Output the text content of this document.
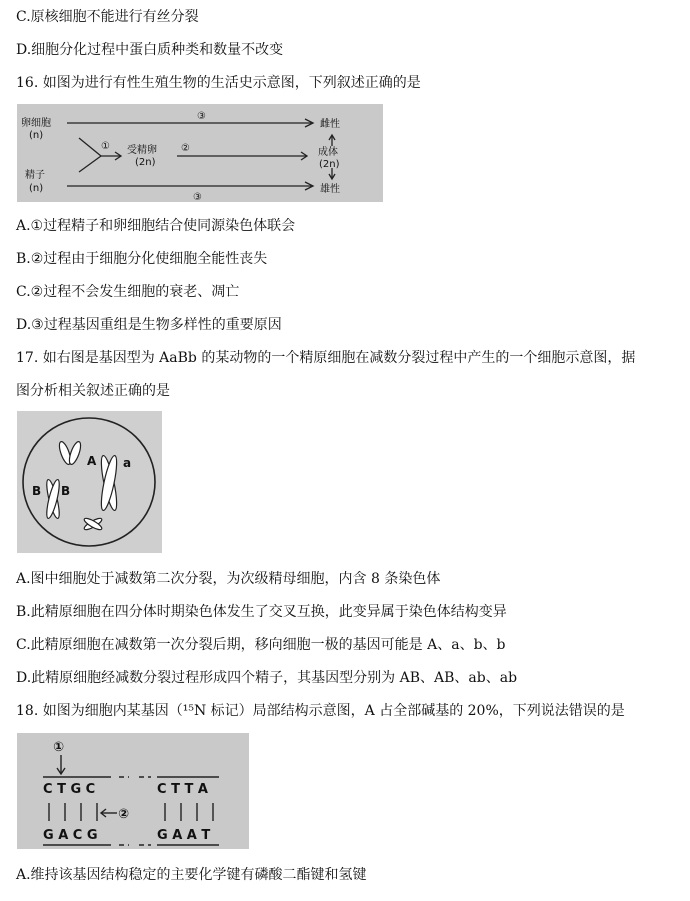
C.原核细胞不能进行有丝分裂
D.细胞分化过程中蛋白质种类和数量不改变
16. 如图为进行有性生殖生物的生活史示意图，下列叙述正确的是
卵细胞
(n)
精子
(n)
① 受精卵
(2n)
②
③
③
雌性
成体
(2n)
雄性
A.①过程精子和卵细胞结合使同源染色体联会
B.②过程由于细胞分化使细胞全能性丧失
C.②过程不会发生细胞的衰老、凋亡
D.③过程基因重组是生物多样性的重要原因
17. 如右图是基因型为 AaBb 的某动物的一个精原细胞在减数分裂过程中产生的一个细胞示意图，据
图分析相关叙述正确的是
A a
B B
A.图中细胞处于减数第二次分裂，为次级精母细胞，内含 8 条染色体
B.此精原细胞在四分体时期染色体发生了交叉互换，此变异属于染色体结构变异
C.此精原细胞在减数第一次分裂后期，移向细胞一极的基因可能是 A、a、b、b
D.此精原细胞经减数分裂过程形成四个精子，其基因型分别为 AB、AB、ab、ab
18. 如图为细胞内某基因（¹⁵N 标记）局部结构示意图，A 占全部碱基的 20%，下列说法错误的是
①
②
C T G C	C T T A
G A C G	G A A T
A.维持该基因结构稳定的主要化学键有磷酸二酯键和氢键
